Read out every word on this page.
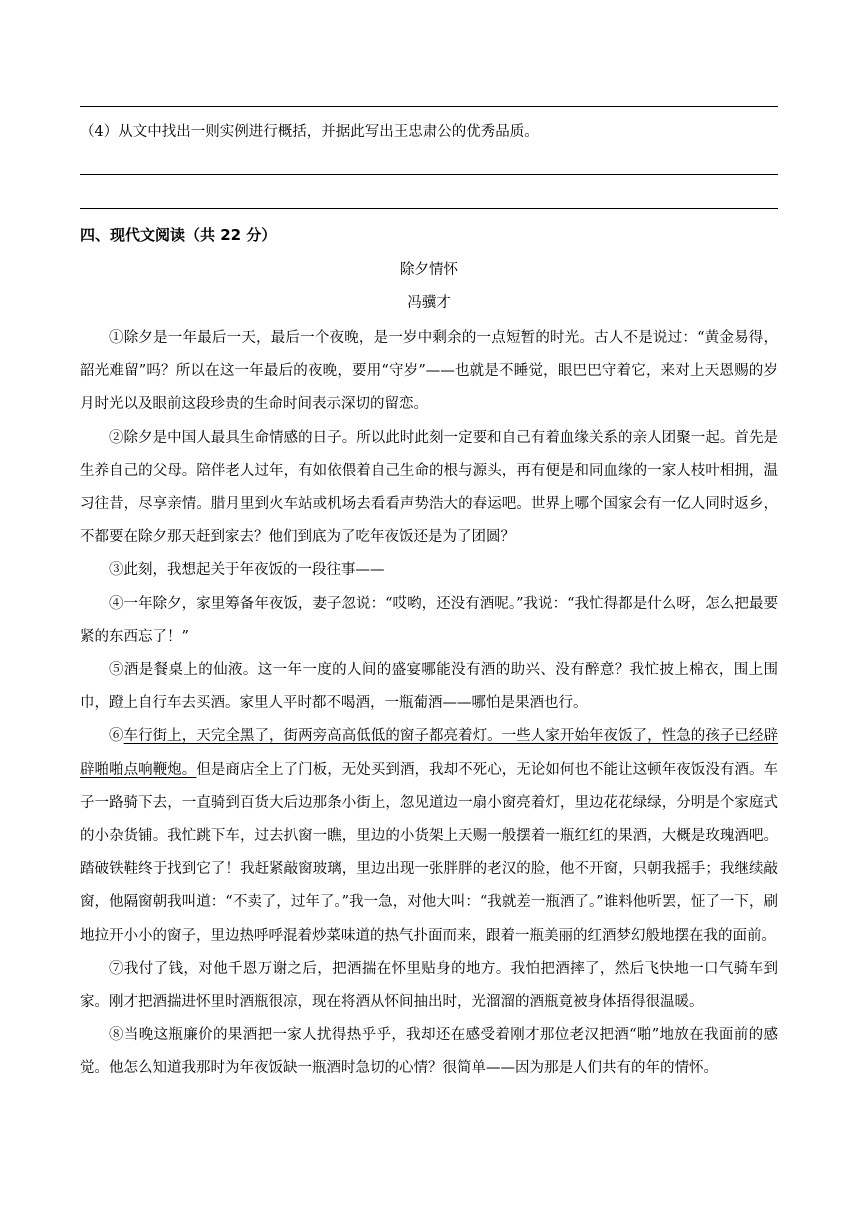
（4）从文中找出一则实例进行概括，并据此写出王忠肃公的优秀品质。
四、现代文阅读（共 22 分）
除夕情怀
冯骥才

①除夕是一年最后一天，最后一个夜晚，是一岁中剩余的一点短暂的时光。古人不是说过：“黄金易得，韶光难留”吗？所以在这一年最后的夜晚，要用“守岁”——也就是不睡觉，眼巴巴守着它，来对上天恩赐的岁月时光以及眼前这段珍贵的生命时间表示深切的留恋。

②除夕是中国人最具生命情感的日子。所以此时此刻一定要和自己有着血缘关系的亲人团聚一起。首先是生养自己的父母。陪伴老人过年，有如依偎着自己生命的根与源头，再有便是和同血缘的一家人枝叶相拥，温习往昔，尽享亲情。腊月里到火车站或机场去看看声势浩大的春运吧。世界上哪个国家会有一亿人同时返乡，不都要在除夕那天赶到家去？他们到底为了吃年夜饭还是为了团圆？

③此刻，我想起关于年夜饭的一段往事——

④一年除夕，家里筹备年夜饭，妻子忽说：“哎哟，还没有酒呢。”我说：“我忙得都是什么呀，怎么把最要紧的东西忘了！”

⑤酒是餐桌上的仙液。这一年一度的人间的盛宴哪能没有酒的助兴、没有醉意？我忙披上棉衣，围上围巾，蹬上自行车去买酒。家里人平时都不喝酒，一瓶葡酒——哪怕是果酒也行。

⑥车行街上，天完全黑了，街两旁高高低低的窗子都亮着灯。一些人家开始年夜饭了，性急的孩子已经辟辟啪啪点响鞭炮。但是商店全上了门板，无处买到酒，我却不死心，无论如何也不能让这顿年夜饭没有酒。车子一路骑下去，一直骑到百货大后边那条小街上，忽见道边一扇小窗亮着灯，里边花花绿绿，分明是个家庭式的小杂货铺。我忙跳下车，过去扒窗一瞧，里边的小货架上天赐一般摆着一瓶红红的果酒，大概是玫瑰酒吧。踏破铁鞋终于找到它了！我赶紧敲窗玻璃，里边出现一张胖胖的老汉的脸，他不开窗，只朝我摇手；我继续敲窗，他隔窗朝我叫道：“不卖了，过年了。”我一急，对他大叫：“我就差一瓶酒了。”谁料他听罢，怔了一下，刷地拉开小小的窗子，里边热呼呼混着炒菜味道的热气扑面而来，跟着一瓶美丽的红酒梦幻般地摆在我的面前。

⑦我付了钱，对他千恩万谢之后，把酒揣在怀里贴身的地方。我怕把酒摔了，然后飞快地一口气骑车到家。刚才把酒揣进怀里时酒瓶很凉，现在将酒从怀间抽出时，光溜溜的酒瓶竟被身体捂得很温暖。

⑧当晚这瓶廉价的果酒把一家人扰得热乎乎，我却还在感受着刚才那位老汉把酒“啪”地放在我面前的感觉。他怎么知道我那时为年夜饭缺一瓶酒时急切的心情？很简单——因为那是人们共有的年的情怀。
